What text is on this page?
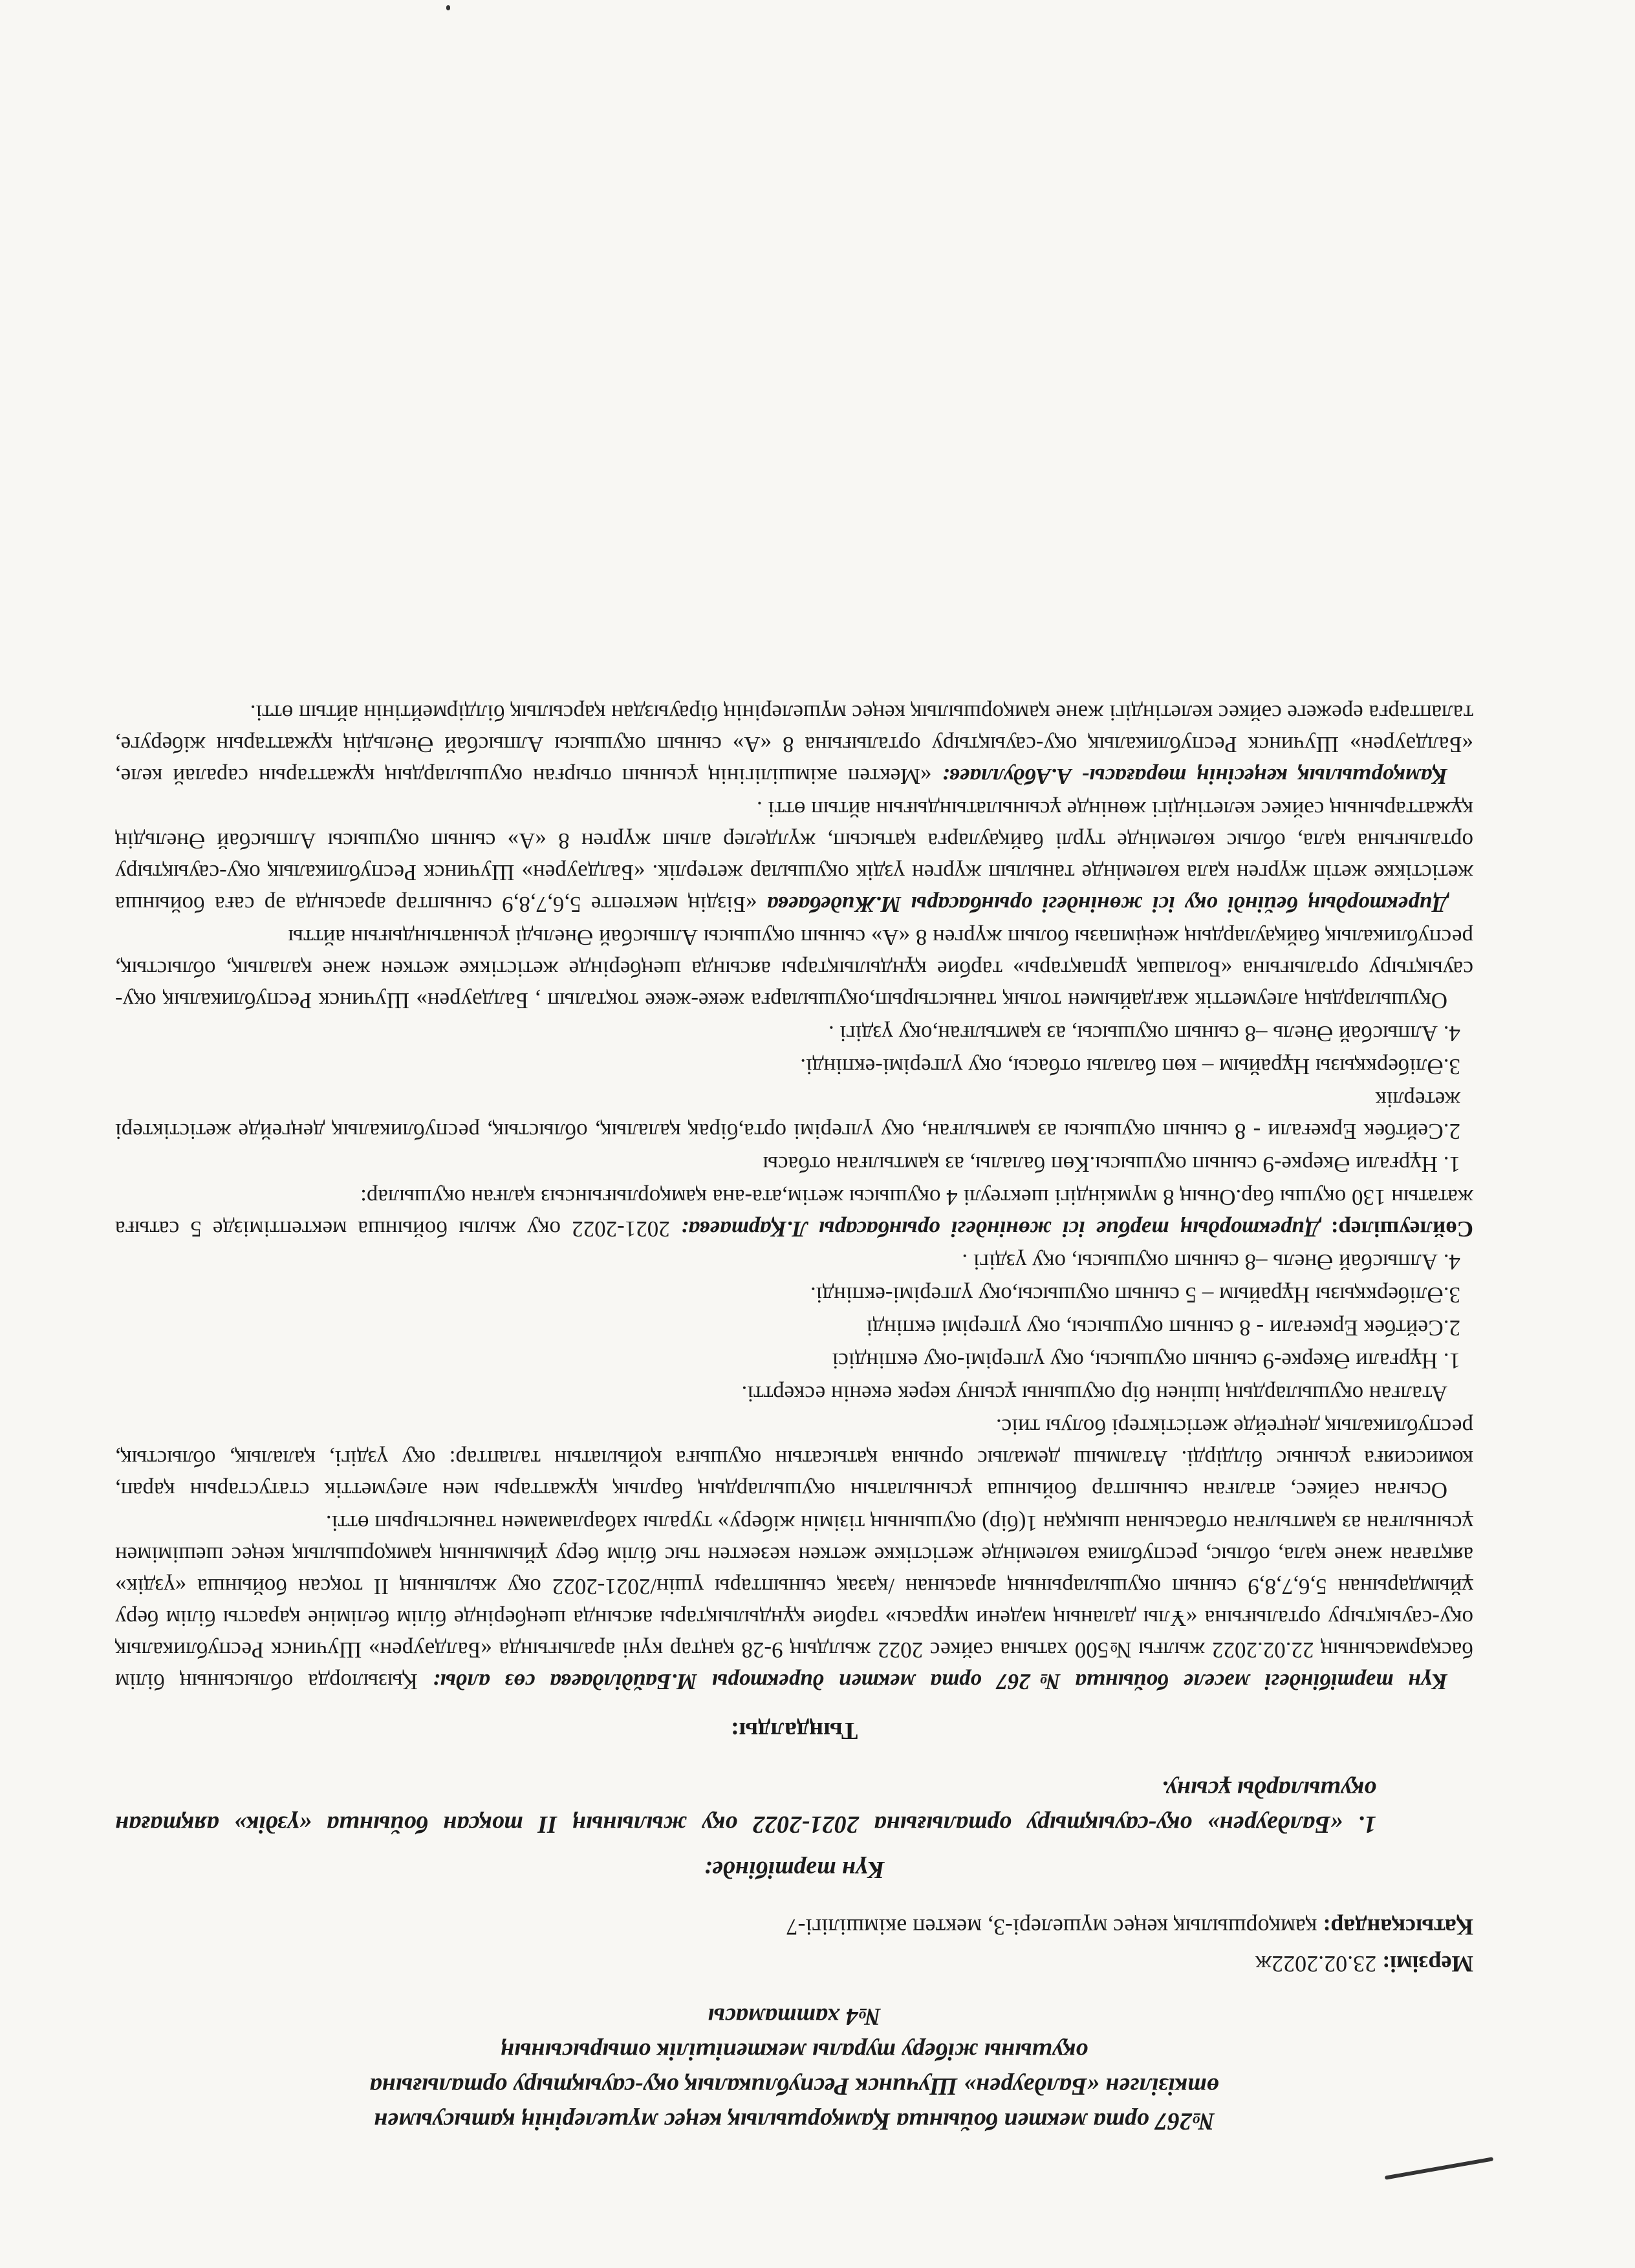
№267 орта мектеп бойынша Қамқоршылық кеңес мүшелерінің қатысуымен
өткізілген «Балдәурен» Шучинск Республикалық оқу-сауықтыру орталығына
оқушыны жіберу туралы мектепішілік отырысының
№4 хаттамасы
Мерзімі: 23.02.2022ж
Қатысқандар: қамқоршылық кеңес мүшелері-3, мектеп әкімшілігі-7
Күн тәртібінде:
1. «Балдәурен» оқу-сауықтыру орталығына 2021-2022 оқу жылының ІІ тоқсан бойынша «үздік» аяқтаған оқушыларды ұсыну.
Тыңдалды:

Күн тәртібіндегі мәселе бойынша №267 орта мектеп директоры М.Байділдаева сөз алды: Қызылорда облысының білім басқармасының 22.02.2022 жылғы №500 хатына сәйкес 2022 жылдың 9-28 қаңтар күні аралығында «Балдәурен» Шучинск Республикалық оқу-сауықтыру орталығына «Ұлы даланың мәдени мұрасы» тарбие құндылықтары аясында шеңберінде білім беліміне қарасты білім беру ұйымдарынан 5,6,7,8,9 сынып оқушыларының арасынан /қазақ сыныптары үшін/2021-2022 оқу жылының ІІ тоқсан бойынша «үздік» аяқтаған және қала, облыс, республика көлемінде жетістікке жеткен кезектен тыс білім беру ұйымының қамқоршылық кеңес шешімімен ұсынылған аз қамтылған отбасынан шыққан 1(бір) оқушының тізімін жіберу» туралы хабарламамен таныстырып өтті.

Осыған сәйкес, аталған сыныптар бойынша ұсынылатын оқушылардың барлық құжаттары мен әлеуметтік статустарын қарап, комиссияға ұсыныс білдірді. Аталмыш демалыс орнына қатысатын оқушыға қойылатын талаптар: оқу үздігі, қалалық, облыстық, республикалық деңгейде жетістіктері болуы тиіс.

Аталған оқушылардың ішінен бір оқушыны ұсыну керек екенін ескертті.

1. Нұрғали Әкерке-9 сынып оқушысы, оқу үлгерімі-оқу екпіндісі
2.Сейтбек Еркеғали - 8 сынып оқушысы, оқу үлгерімі екпінді
3.Әліберкқызы Нұрайым – 5 сынып оқушысы,оқу үлгерімі-екпінді.
4. Алпысбай Әнель –8 сынып оқушысы, оқу үздігі .

Сөйлеушілер: Директордың тәрбие ісі жөніндегі орынбасары Л.Қартаева: 2021-2022 оқу жылы бойынша мектептімізде 5 сатыға жататын 130 оқушы бар.Оның 8 мүмкіндігі шектеулі 4 оқушысы жетім,ата-ана қамқорлығынсыз қалған оқушылар:

1. Нұрғали Әкерке-9 сынып оқушысы.Көп балалы, аз қамтылған отбасы
2.Сейтбек Еркеғали - 8 сынып оқушысы аз қамтылған, оқу үлгерімі орта,бірақ қалалық, облыстық, республикалық деңгейде жетістіктері жетерлік
3.Әліберкқызы Нұрайым – көп балалы отбасы, оқу үлгерімі-екпінді.
4. Алпысбай Әнель –8 сынып оқушысы, аз қамтылған,оқу үздігі .

Оқушылардың әлеуметтік жағдайымен толық таныстырып,оқушыларға жеке-жеке тоқталып , Балдәурен» Шучинск Республикалық оқу-сауықтыру орталығына «Болашақ ұрпақтары» тарбие құндылықтары аясында шеңберінде жетістікке жеткен және қалалық, облыстық, республикалық байқаулардың жеңімпазы болып жүрген 8 «А» сынып оқушысы Алпысбай Әнельді ұсынатындығын айтты

Директордың бейінді оқу ісі жөніндегі орынбасары М.Жидебаева «Біздің мектепте 5,6,7,8,9 сыныптар арасында әр саға бойынша жетістікке жетіп жүрген қала көлемінде танылып жүрген үздік оқушылар жетерлік. «Балдәурен» Шучинск Республикалық оқу-сауықтыру орталығына қала, облыс көлемінде түрлі байқауларға қатысып, жүлделер алып жүрген 8 «А» сынып оқушысы Алпысбай Әнельдің құжаттарының сәйкес келетіндігі жөнінде ұсынылатындығын айтып өтті .

Қамқоршылық кеңесінің төрағасы- А.Абдуллаев: «Мектеп әкімшілігінің ұсынып отырған оқушылардың құжаттарын саралай келе, «Балдәурен» Шучинск Республикалық оқу-сауықтыру орталығына 8 «А» сынып оқушысы Алпысбай Әнельдің құжаттарын жіберуге, талаптарға ережеге сәйкес келетіндігі және қамқоршылық кеңес мүшелерінің бірауыздан қарсылық білдірмейтінін айтып өтті.
